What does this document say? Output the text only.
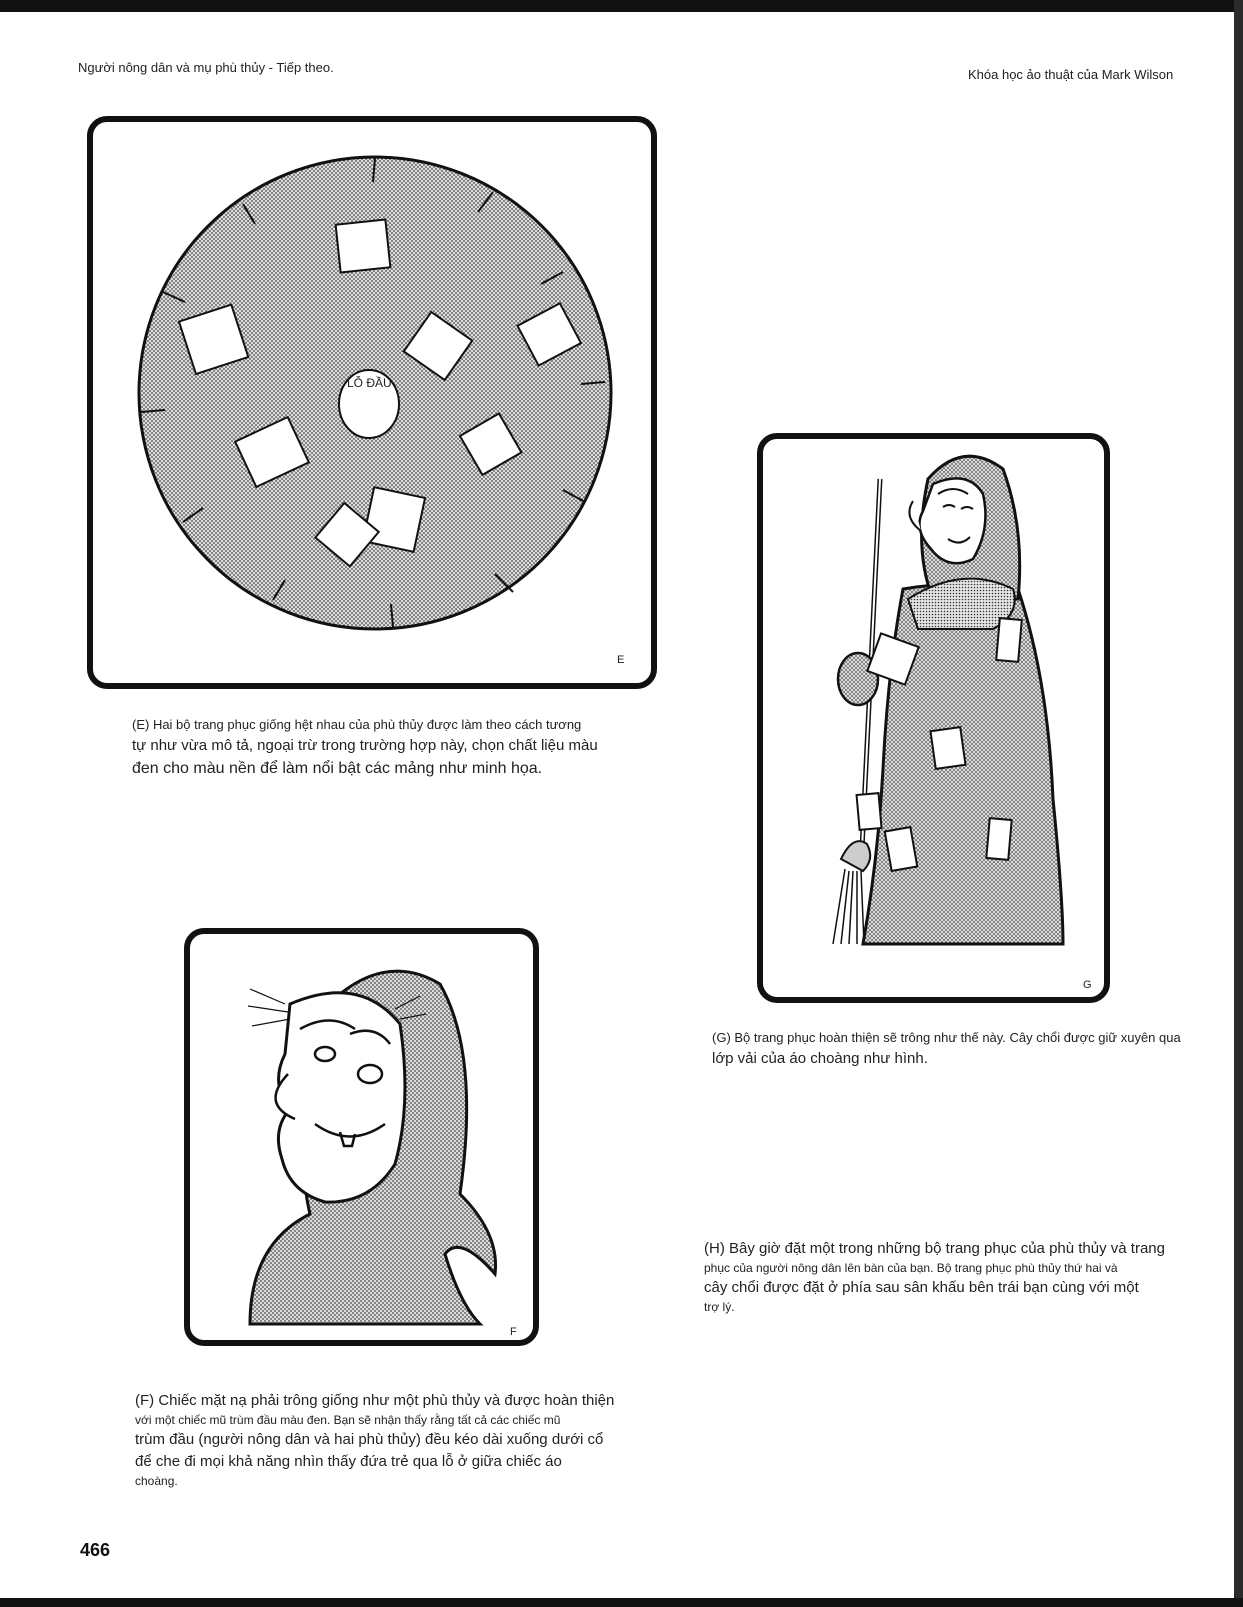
Người nông dân và mụ phù thủy - Tiếp theo.	Khóa học ảo thuật của Mark Wilson
LỖ ĐẦU
E
(E) Hai bộ trang phục giống hệt nhau của phù thủy được làm theo cách tương
tự như vừa mô tả, ngoại trừ trong trường hợp này, chọn chất liệu màu
đen cho màu nền để làm nổi bật các mảng như minh họa.
G
(G) Bộ trang phục hoàn thiện sẽ trông như thế này. Cây chổi được giữ xuyên qua
lớp vải của áo choàng như hình.
F
(H) Bây giờ đặt một trong những bộ trang phục của phù thủy và trang
phục của người nông dân lên bàn của bạn. Bộ trang phục phù thủy thứ hai và
cây chổi được đặt ở phía sau sân khấu bên trái bạn cùng với một
trợ lý.
(F) Chiếc mặt nạ phải trông giống như một phù thủy và được hoàn thiện
với một chiếc mũ trùm đầu màu đen. Bạn sẽ nhận thấy rằng tất cả các chiếc mũ
trùm đầu (người nông dân và hai phù thủy) đều kéo dài xuống dưới cổ
để che đi mọi khả năng nhìn thấy đứa trẻ qua lỗ ở giữa chiếc áo
choàng.
466
